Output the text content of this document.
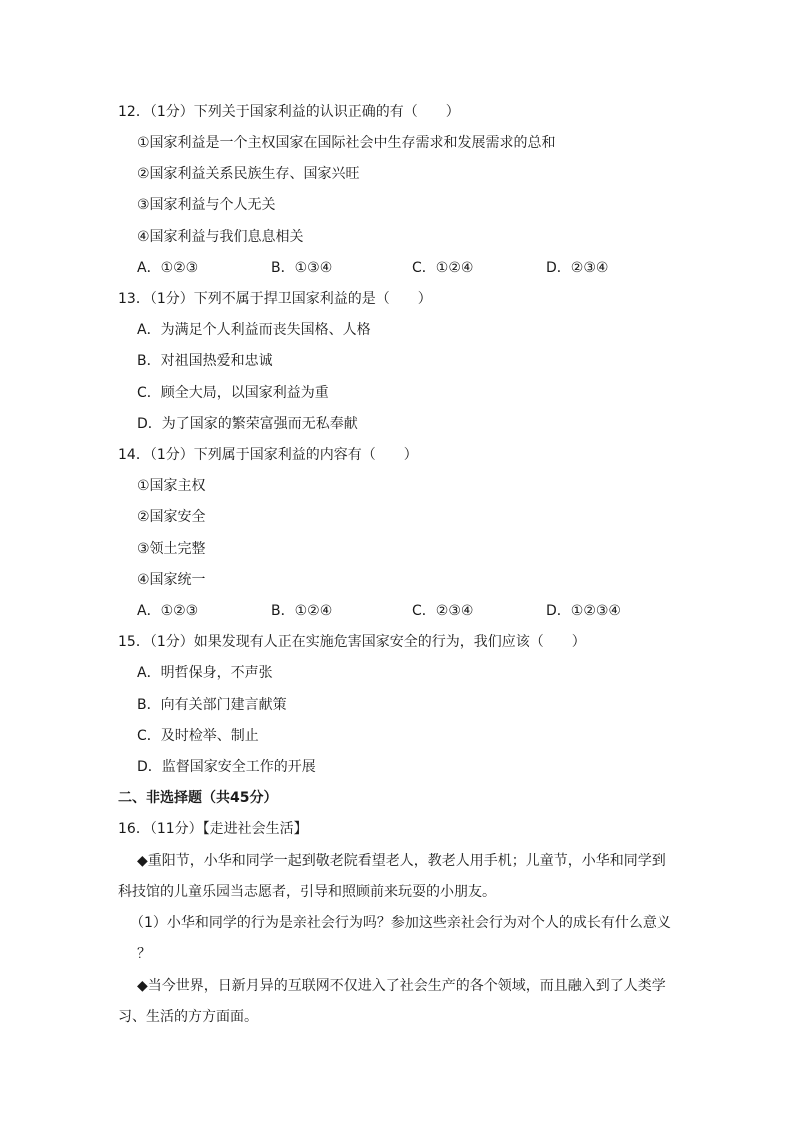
12．（1分）下列关于国家利益的认识正确的有（　　）
①国家利益是一个主权国家在国际社会中生存需求和发展需求的总和
②国家利益关系民族生存、国家兴旺
③国家利益与个人无关
④国家利益与我们息息相关
A．①②③	B．①③④	C．①②④	D．②③④
13．（1分）下列不属于捍卫国家利益的是（　　）
A．为满足个人利益而丧失国格、人格
B．对祖国热爱和忠诚
C．顾全大局，以国家利益为重
D．为了国家的繁荣富强而无私奉献
14．（1分）下列属于国家利益的内容有（　　）
①国家主权
②国家安全
③领土完整
④国家统一
A．①②③	B．①②④	C．②③④	D．①②③④
15．（1分）如果发现有人正在实施危害国家安全的行为，我们应该（　　）
A．明哲保身，不声张
B．向有关部门建言献策
C．及时检举、制止
D．监督国家安全工作的开展
二、非选择题（共45分）
16．（11分）【走进社会生活】
◆重阳节，小华和同学一起到敬老院看望老人，教老人用手机；儿童节，小华和同学到
科技馆的儿童乐园当志愿者，引导和照顾前来玩耍的小朋友。
（1）小华和同学的行为是亲社会行为吗？参加这些亲社会行为对个人的成长有什么意义
？
◆当今世界，日新月异的互联网不仅进入了社会生产的各个领域，而且融入到了人类学
习、生活的方方面面。
